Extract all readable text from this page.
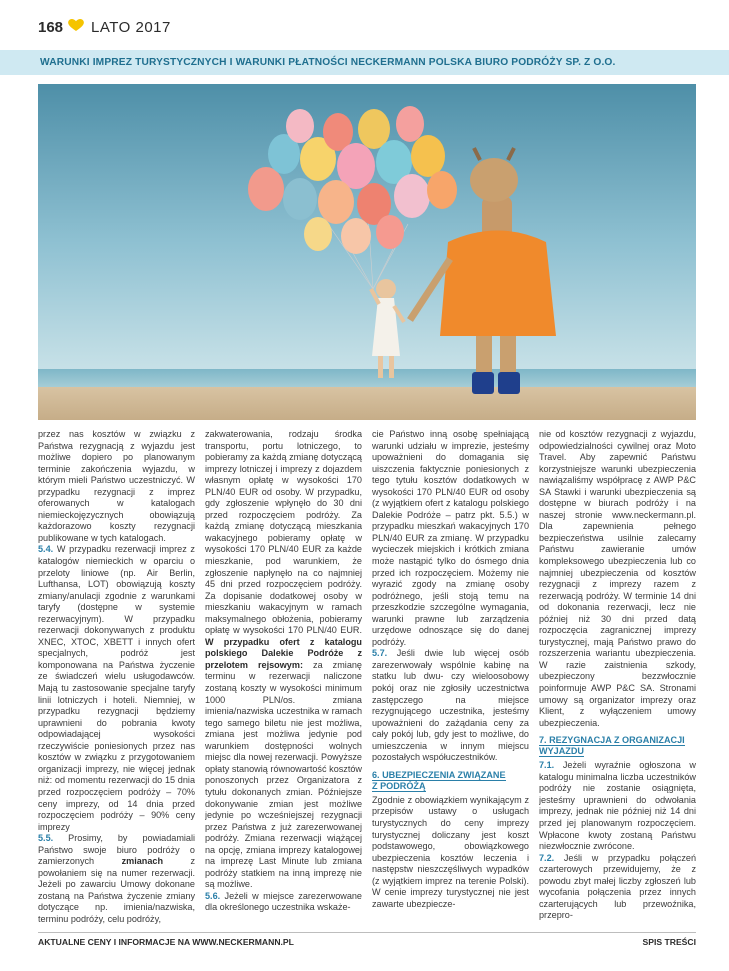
168 LATO 2017
WARUNKI IMPREZ TURYSTYCZNYCH I WARUNKI PŁATNOŚCI NECKERMANN POLSKA BIURO PODRÓŻY SP. Z O.O.

przez nas kosztów w związku z Państwa rezygnacją z wyjazdu jest możliwe dopiero po planowanym terminie zakończenia wyjazdu, w którym mieli Państwo uczestniczyć. W przypadku rezygnacji z imprez oferowanych w katalogach niemieckojęzycznych obowiązują każdorazowo koszty rezygnacji publikowane w tych katalogach.

5.4. W przypadku rezerwacji imprez z katalogów niemieckich w oparciu o przeloty liniowe (np. Air Berlin, Lufthansa, LOT) obowiązują koszty zmiany/anulacji zgodnie z warunkami taryfy (dostępne w systemie rezerwacyjnym). W przypadku rezerwacji dokonywanych z produktu XNEC, XTOC, XBETT i innych ofert specjalnych, podróż jest komponowana na Państwa życzenie ze świadczeń wielu usługodawców. Mają tu zastosowanie specjalne taryfy linii lotniczych i hoteli. Niemniej, w przypadku rezygnacji będziemy uprawnieni do pobrania kwoty odpowiadającej wysokości rzeczywiście poniesionych przez nas kosztów w związku z przygotowaniem organizacji imprezy, nie więcej jednak niż: od momentu rezerwacji do 15 dnia przed rozpoczęciem podróży – 70% ceny imprezy, od 14 dnia przed rozpoczęciem podróży – 90% ceny imprezy

5.5. Prosimy, by powiadamiali Państwo swoje biuro podróży o zamierzonych	zmianach	z powołaniem się na numer rezerwacji. Jeżeli po zawarciu Umowy dokonane zostaną na Państwa życzenie zmiany dotyczące np. imienia/nazwiska, terminu podróży, celu podróży,

zakwaterowania, rodzaju środka transportu, portu lotniczego, to pobieramy za każdą zmianę dotyczącą imprezy lotniczej i imprezy z dojazdem własnym opłatę w wysokości 170 PLN/40 EUR od osoby. W przypadku, gdy zgłoszenie wpłynęło do 30 dni przed rozpoczęciem podróży. Za każdą zmianę dotyczącą mieszkania wakacyjnego pobieramy opłatę w wysokości 170 PLN/40 EUR za każde mieszkanie, pod warunkiem, że zgłoszenie napłynęło na co najmniej 45 dni przed rozpoczęciem podróży. Za dopisanie dodatkowej osoby w mieszkaniu wakacyjnym w ramach maksymalnego obłożenia, pobieramy opłatę w wysokości 170 PLN/40 EUR. W przypadku ofert z katalogu polskiego Dalekie Podróże z przelotem rejsowym: za zmianę terminu w rezerwacji naliczone zostaną koszty w wysokości minimum 1000 PLN/os. zmiana imienia/nazwiska uczestnika w ramach tego samego biletu nie jest możliwa, zmiana jest możliwa jedynie pod warunkiem dostępności wolnych miejsc dla nowej rezerwacji. Powyższe opłaty stanowią równowartość kosztów ponoszonych przez Organizatora z tytułu dokonanych zmian. Późniejsze dokonywanie zmian jest możliwe jedynie po wcześniejszej rezygnacji przez Państwa z już zarezerwowanej podróży. Zmiana rezerwacji wiążącej na opcję, zmiana imprezy katalogowej na imprezę Last Minute lub zmiana podróży statkiem na inną imprezę nie są możliwe.

5.6. Jeżeli w miejsce zarezerwowane dla określonego uczestnika wskaże-

cie Państwo inną osobę spełniającą warunki udziału w imprezie, jesteśmy upoważnieni do domagania się uiszczenia faktycznie poniesionych z tego tytułu kosztów dodatkowych w wysokości 170 PLN/40 EUR od osoby (z wyjątkiem ofert z katalogu polskiego Dalekie Podróże – patrz pkt. 5.5.) w przypadku mieszkań wakacyjnych 170 PLN/40 EUR za zmianę. W przypadku wycieczek miejskich i krótkich zmiana może nastąpić tylko do ósmego dnia przed ich rozpoczęciem. Możemy nie wyrazić zgody na zmianę osoby podróżnego, jeśli stoją temu na przeszkodzie szczególne wymagania, warunki prawne lub zarządzenia urzędowe odnoszące się do danej podróży.

5.7. Jeśli dwie lub więcej osób zarezerwowały wspólnie kabinę na statku lub dwu- czy wieloosobowy pokój oraz nie zgłosiły uczestnictwa zastępczego na miejsce rezygnującego uczestnika, jesteśmy upoważnieni do zażądania ceny za cały pokój lub, gdy jest to możliwe, do umieszczenia w innym miejscu pozostałych współuczestników.

6. UBEZPIECZENIA ZWIĄZANE
Z PODRÓŻĄ

Zgodnie z obowiązkiem wynikającym z przepisów ustawy o usługach turystycznych do ceny imprezy turystycznej doliczany jest koszt podstawowego, obowiązkowego ubezpieczenia kosztów leczenia i następstw nieszczęśliwych wypadków (z wyjątkiem imprez na terenie Polski). W cenie imprezy turystycznej nie jest zawarte ubezpiecze-

nie od kosztów rezygnacji z wyjazdu, odpowiedzialności cywilnej oraz Moto Travel. Aby zapewnić Państwu korzystniejsze warunki ubezpieczenia nawiązaliśmy współpracę z AWP P&C SA Stawki i warunki ubezpieczenia są dostępne w biurach podróży i na naszej stronie www.neckermann.pl. Dla zapewnienia pełnego bezpieczeństwa usilnie zalecamy Państwu zawieranie umów kompleksowego ubezpieczenia lub co najmniej ubezpieczenia od kosztów rezygnacji z imprezy razem z rezerwacją podróży. W terminie 14 dni od dokonania rezerwacji, lecz nie później niż 30 dni przed datą rozpoczęcia zagranicznej imprezy turystycznej, mają Państwo prawo do rozszerzenia wariantu ubezpieczenia. W razie zaistnienia szkody, ubezpieczony bezzwłocznie poinformuje AWP P&C SA. Stronami umowy są organizator imprezy oraz Klient, z wyłączeniem umowy ubezpieczenia.

7. REZYGNACJA Z ORGANIZACJI
WYJAZDU

7.1. Jeżeli wyraźnie ogłoszona w katalogu minimalna liczba uczestników podróży nie zostanie osiągnięta, jesteśmy uprawnieni do odwołania imprezy, jednak nie później niż 14 dni przed jej planowanym rozpoczęciem. Wpłacone kwoty zostaną Państwu niezwłocznie zwrócone.

7.2. Jeśli w przypadku połączeń czarterowych przewidujemy, że z powodu zbyt małej liczby zgłoszeń lub wycofania połączenia przez innych czarterujących lub przewoźnika, przepro-

AKTUALNE CENY I INFORMACJE NA WWW.NECKERMANN.PL	SPIS TREŚCI
